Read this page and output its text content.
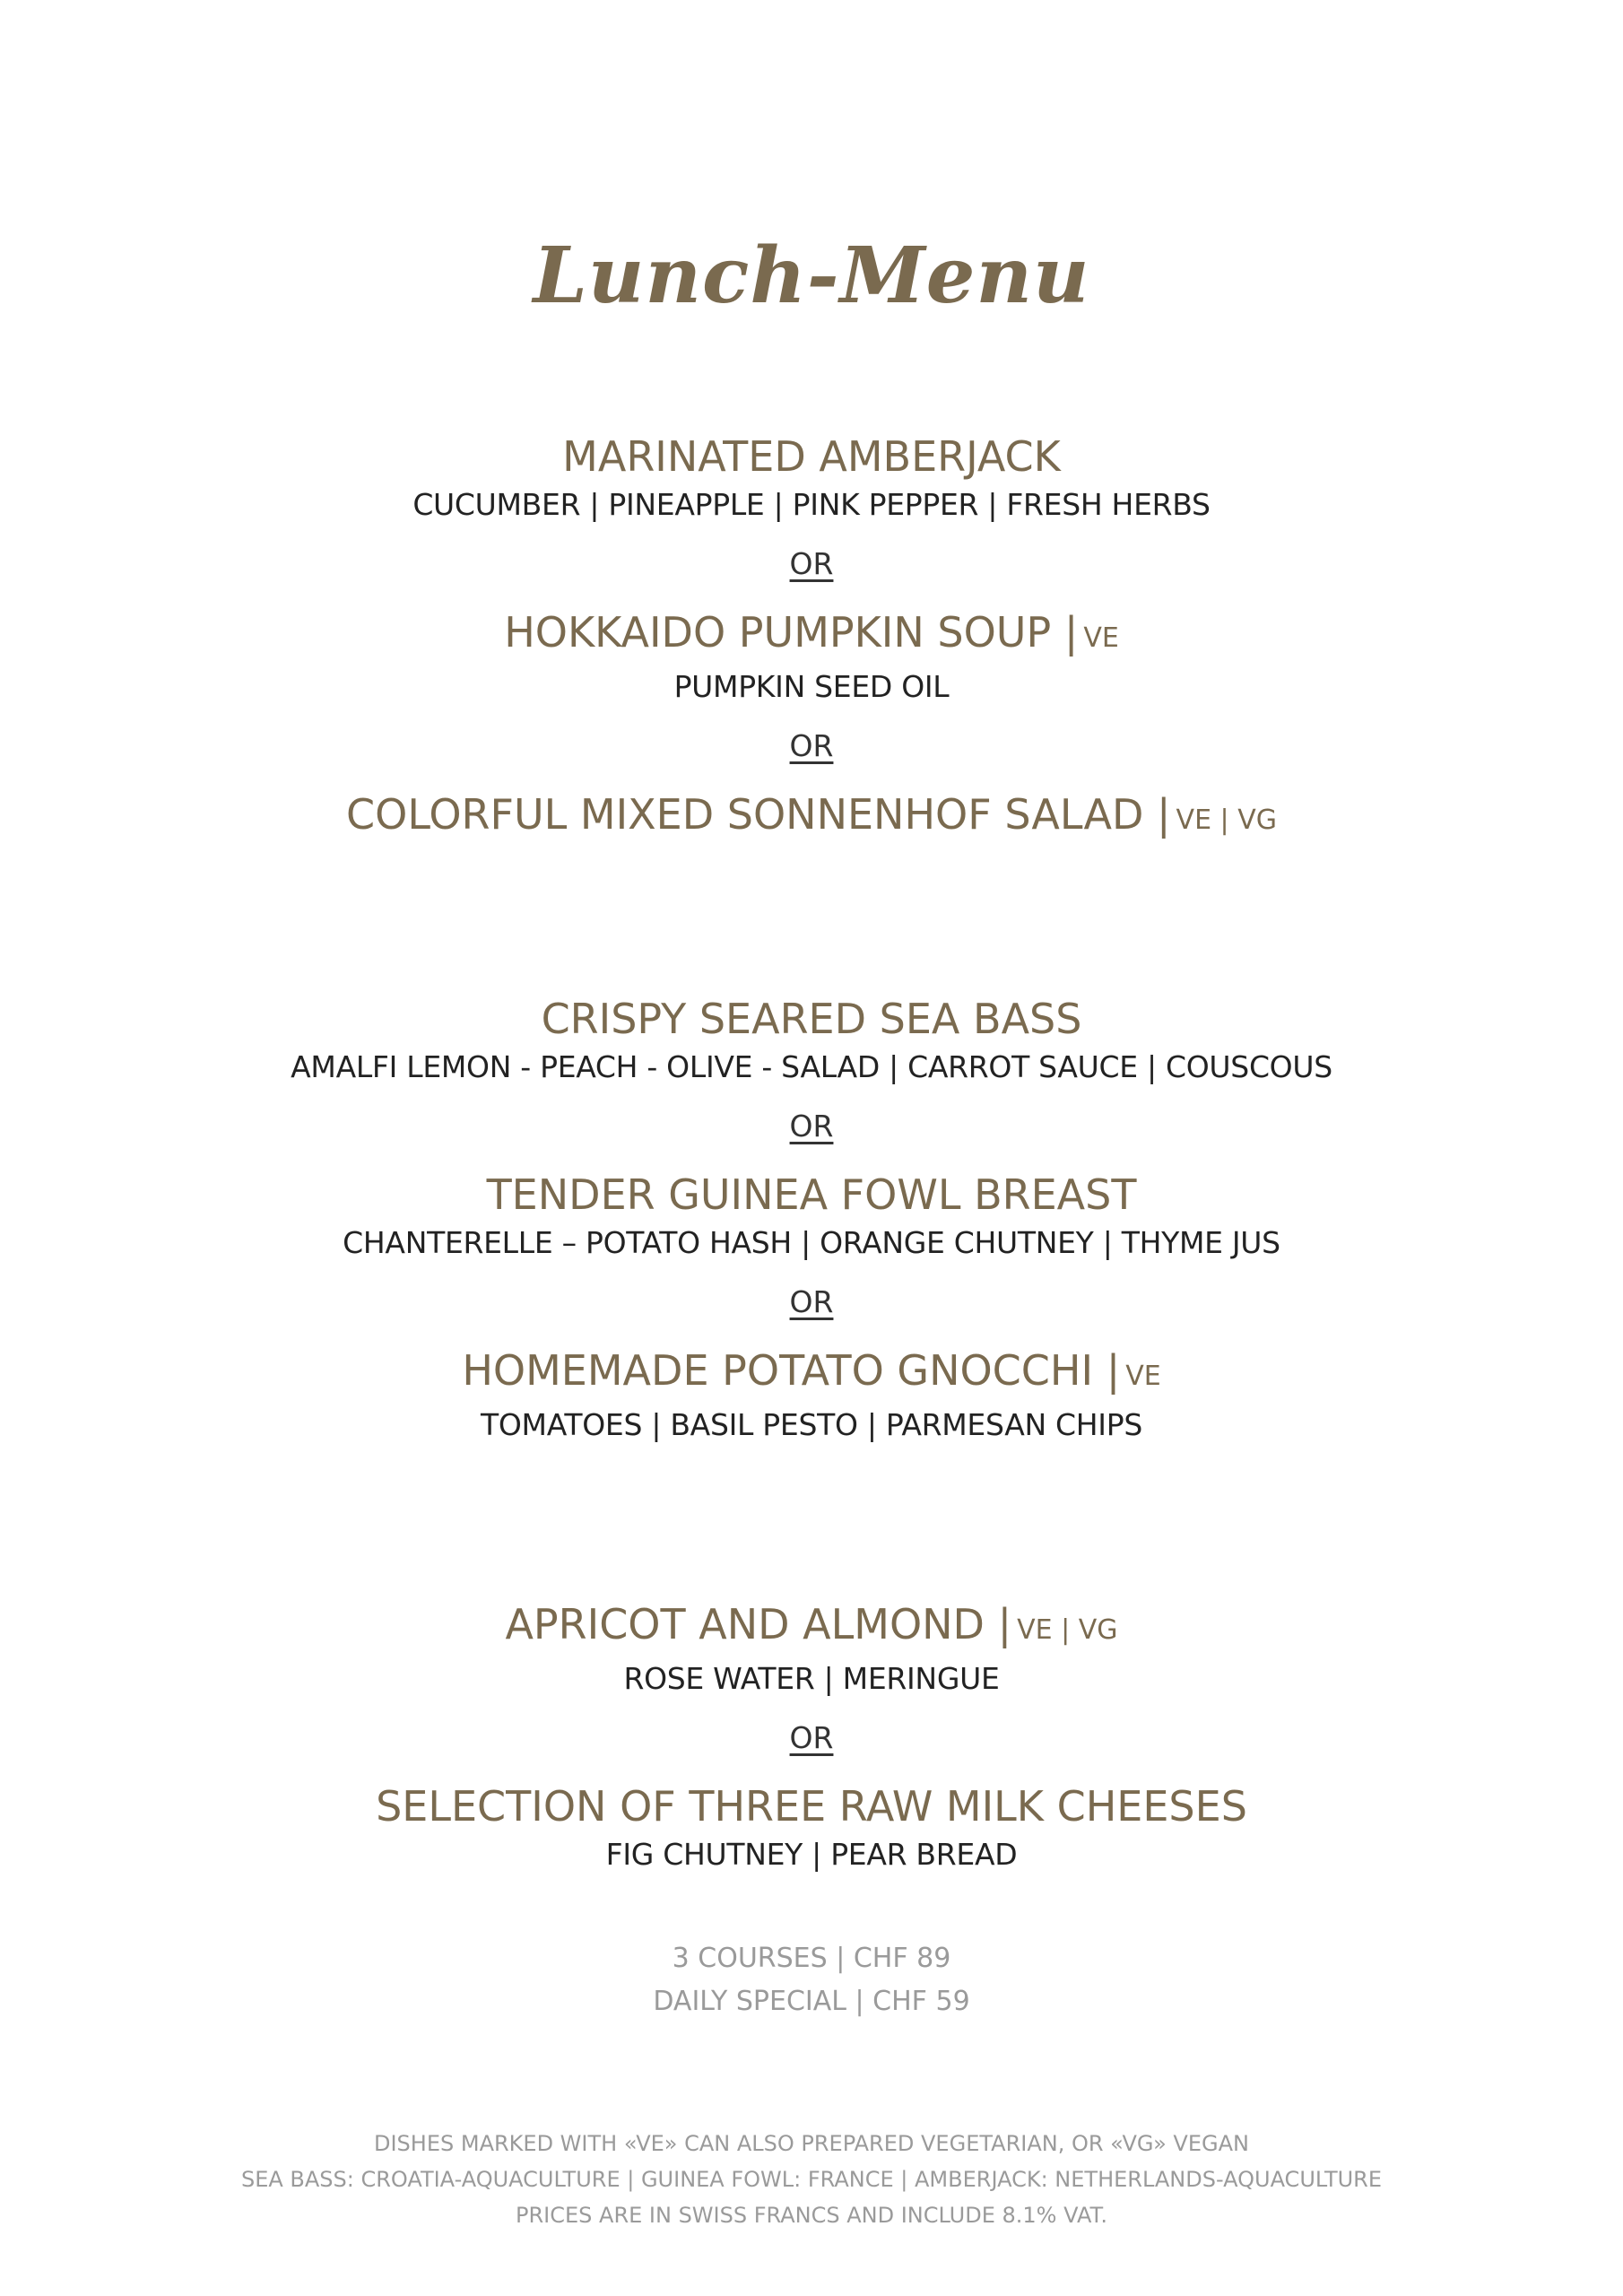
Lunch-Menu
MARINATED AMBERJACK
CUCUMBER | PINEAPPLE | PINK PEPPER | FRESH HERBS
OR
HOKKAIDO PUMPKIN SOUP | VE
PUMPKIN SEED OIL
OR
COLORFUL MIXED SONNENHOF SALAD | VE | VG
CRISPY SEARED SEA BASS
AMALFI LEMON - PEACH - OLIVE - SALAD | CARROT SAUCE | COUSCOUS
OR
TENDER GUINEA FOWL BREAST
CHANTERELLE – POTATO HASH | ORANGE CHUTNEY | THYME JUS
OR
HOMEMADE POTATO GNOCCHI | VE
TOMATOES | BASIL PESTO | PARMESAN CHIPS
APRICOT AND ALMOND | VE | VG
ROSE WATER | MERINGUE
OR
SELECTION OF THREE RAW MILK CHEESES
FIG CHUTNEY | PEAR BREAD
3 COURSES | CHF 89
DAILY SPECIAL | CHF 59
DISHES MARKED WITH «VE» CAN ALSO PREPARED VEGETARIAN, OR «VG» VEGAN
SEA BASS: CROATIA-AQUACULTURE | GUINEA FOWL: FRANCE | AMBERJACK: NETHERLANDS-AQUACULTURE
PRICES ARE IN SWISS FRANCS AND INCLUDE 8.1% VAT.
